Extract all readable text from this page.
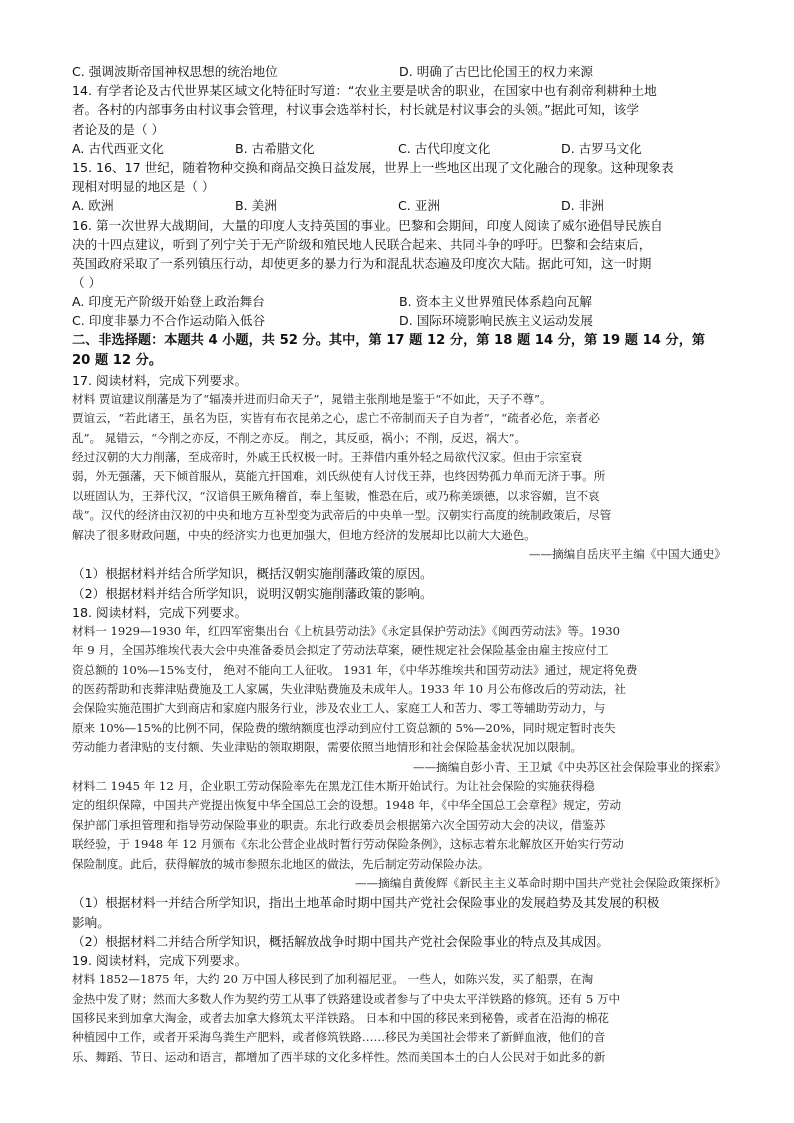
C. 强调波斯帝国神权思想的统治地位	D. 明确了古巴比伦国王的权力来源
14. 有学者论及古代世界某区域文化特征时写道：“农业主要是吠舍的职业，在国家中也有刹帝利耕种土地
者。各村的内部事务由村议事会管理，村议事会选举村长，村长就是村议事会的头领。”据此可知，该学
者论及的是（ ）
A. 古代西亚文化	B. 古希腊文化	C. 古代印度文化	D. 古罗马文化
15. 16、17 世纪，随着物种交换和商品交换日益发展，世界上一些地区出现了文化融合的现象。这种现象表
现相对明显的地区是（ ）
A. 欧洲	B. 美洲	C. 亚洲	D. 非洲
16. 第一次世界大战期间，大量的印度人支持英国的事业。巴黎和会期间，印度人阅读了威尔逊倡导民族自
决的十四点建议，听到了列宁关于无产阶级和殖民地人民联合起来、共同斗争的呼吁。巴黎和会结束后，
英国政府采取了一系列镇压行动，却使更多的暴力行为和混乱状态遍及印度次大陆。据此可知，这一时期
（ ）
A. 印度无产阶级开始登上政治舞台	B. 资本主义世界殖民体系趋向瓦解
C. 印度非暴力不合作运动陷入低谷	D. 国际环境影响民族主义运动发展
二、非选择题：本题共 4 小题，共 52 分。其中，第 17 题 12 分，第 18 题 14 分，第 19 题 14 分，第
20 题 12 分。
17. 阅读材料，完成下列要求。
材料 贾谊建议削藩是为了“辐凑并进而归命天子”，晁错主张削地是鉴于“不如此，天子不尊”。
贾谊云，“若此诸王，虽名为臣，实皆有布衣昆弟之心，虑亡不帝制而天子自为者”，“疏者必危，亲者必
乱”。 晁错云，“今削之亦反，不削之亦反。 削之，其反亟，祸小；不削，反迟，祸大”。
经过汉朝的大力削藩，至成帝时，外戚王氏权极一时。王莽借内重外轻之局欲代汉家。但由于宗室衰
弱，外无强藩，天下倾首服从，莫能亢扞国难，刘氏纵使有人讨伐王莽，也终因势孤力单而无济于事。所
以班固认为，王莽代汉，“汉谙俱王厥角稽首，奉上玺韨，惟恐在后，或乃称美颂德，以求容媚，岂不哀
哉”。汉代的经济由汉初的中央和地方互补型变为武帝后的中央单一型。汉朝实行高度的统制政策后，尽管
解决了很多财政问题，中央的经济实力也更加强大，但地方经济的发展却比以前大大逊色。
——摘编自岳庆平主编《中国大通史》
（1）根据材料并结合所学知识，概括汉朝实施削藩政策的原因。
（2）根据材料并结合所学知识，说明汉朝实施削藩政策的影响。
18. 阅读材料，完成下列要求。
材料一 1929—1930 年，红四军密集出台《上杭县劳动法》《永定县保护劳动法》《闽西劳动法》等。1930
年 9 月，全国苏维埃代表大会中央准备委员会拟定了劳动法草案，硬性规定社会保险基金由雇主按应付工
资总额的 10%—15%支付， 绝对不能向工人征收。 1931 年，《中华苏维埃共和国劳动法》通过，规定将免费
的医药帮助和丧葬津贴费施及工人家属，失业津贴费施及未成年人。1933 年 10 月公布修改后的劳动法，社
会保险实施范围扩大到商店和家庭内服务行业，涉及农业工人、家庭工人和苦力、零工等辅助劳动力，与
原来 10%—15%的比例不同，保险费的缴纳额度也浮动到应付工资总额的 5%—20%，同时规定暂时丧失
劳动能力者津贴的支付额、失业津贴的领取期限，需要依照当地情形和社会保险基金状况加以限制。
——摘编自彭小青、王卫斌《中央苏区社会保险事业的探索》
材料二 1945 年 12 月，企业职工劳动保险率先在黑龙江佳木斯开始试行。为让社会保险的实施获得稳
定的组织保障，中国共产党提出恢复中华全国总工会的设想。1948 年，《中华全国总工会章程》规定，劳动
保护部门承担管理和指导劳动保险事业的职责。东北行政委员会根据第六次全国劳动大会的决议，借鉴苏
联经验，于 1948 年 12 月颁布《东北公营企业战时暂行劳动保险条例》，这标志着东北解放区开始实行劳动
保险制度。此后，获得解放的城市参照东北地区的做法，先后制定劳动保险办法。
——摘编自黄俊辉《新民主主义革命时期中国共产党社会保险政策探析》
（1）根据材料一并结合所学知识，指出土地革命时期中国共产党社会保险事业的发展趋势及其发展的积极
影响。
（2）根据材料二并结合所学知识，概括解放战争时期中国共产党社会保险事业的特点及其成因。
19. 阅读材料，完成下列要求。
材料 1852—1875 年，大约 20 万中国人移民到了加利福尼亚。 一些人，如陈兴发，买了船票，在淘
金热中发了财；然而大多数人作为契约劳工从事了铁路建设或者参与了中央太平洋铁路的修筑。还有 5 万中
国移民来到加拿大淘金，或者去加拿大修筑太平洋铁路。 日本和中国的移民来到秘鲁，或者在沿海的棉花
种植园中工作，或者开采海鸟粪生产肥料，或者修筑铁路……移民为美国社会带来了新鲜血液，他们的音
乐、舞蹈、节日、运动和语言，都增加了西半球的文化多样性。然而美国本土的白人公民对于如此多的新
